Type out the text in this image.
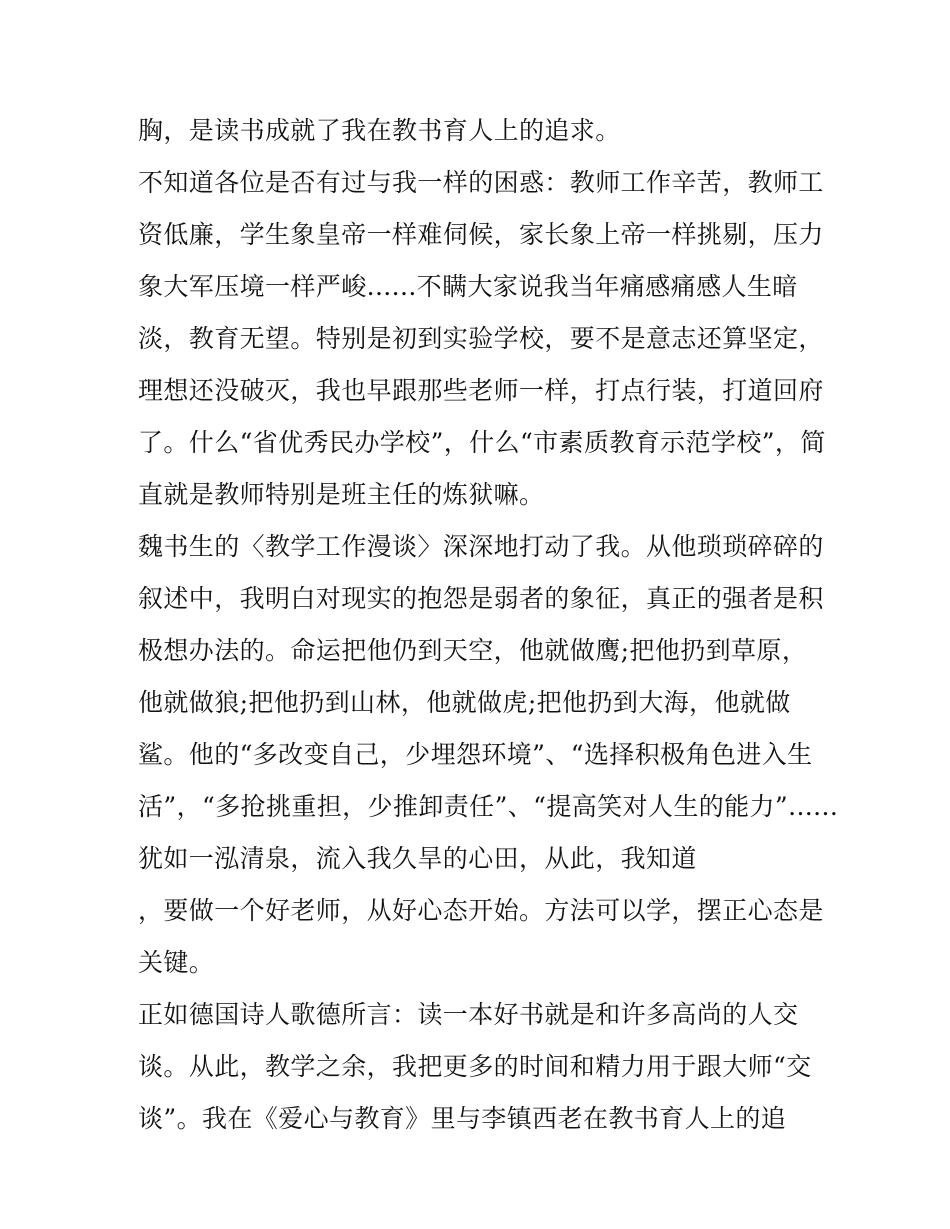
胸，是读书成就了我在教书育人上的追求。
不知道各位是否有过与我一样的困惑：教师工作辛苦，教师工
资低廉，学生象皇帝一样难伺候，家长象上帝一样挑剔，压力
象大军压境一样严峻......不瞒大家说我当年痛感痛感人生暗
淡，教育无望。特别是初到实验学校，要不是意志还算坚定，
理想还没破灭，我也早跟那些老师一样，打点行装，打道回府
了。什么“省优秀民办学校”，什么“市素质教育示范学校”，简
直就是教师特别是班主任的炼狱嘛。
魏书生的〈教学工作漫谈〉深深地打动了我。从他琐琐碎碎的
叙述中，我明白对现实的抱怨是弱者的象征，真正的强者是积
极想办法的。命运把他仍到天空，他就做鹰;把他扔到草原，
他就做狼;把他扔到山林，他就做虎;把他扔到大海，他就做
鲨。他的“多改变自己，少埋怨环境”、“选择积极角色进入生
活”，“多抢挑重担，少推卸责任”、“提高笑对人生的能力”......
犹如一泓清泉，流入我久旱的心田，从此，我知道
，要做一个好老师，从好心态开始。方法可以学，摆正心态是
关键。
正如德国诗人歌德所言：读一本好书就是和许多高尚的人交
谈。从此，教学之余，我把更多的时间和精力用于跟大师“交
谈”。我在《爱心与教育》里与李镇西老在教书育人上的追
